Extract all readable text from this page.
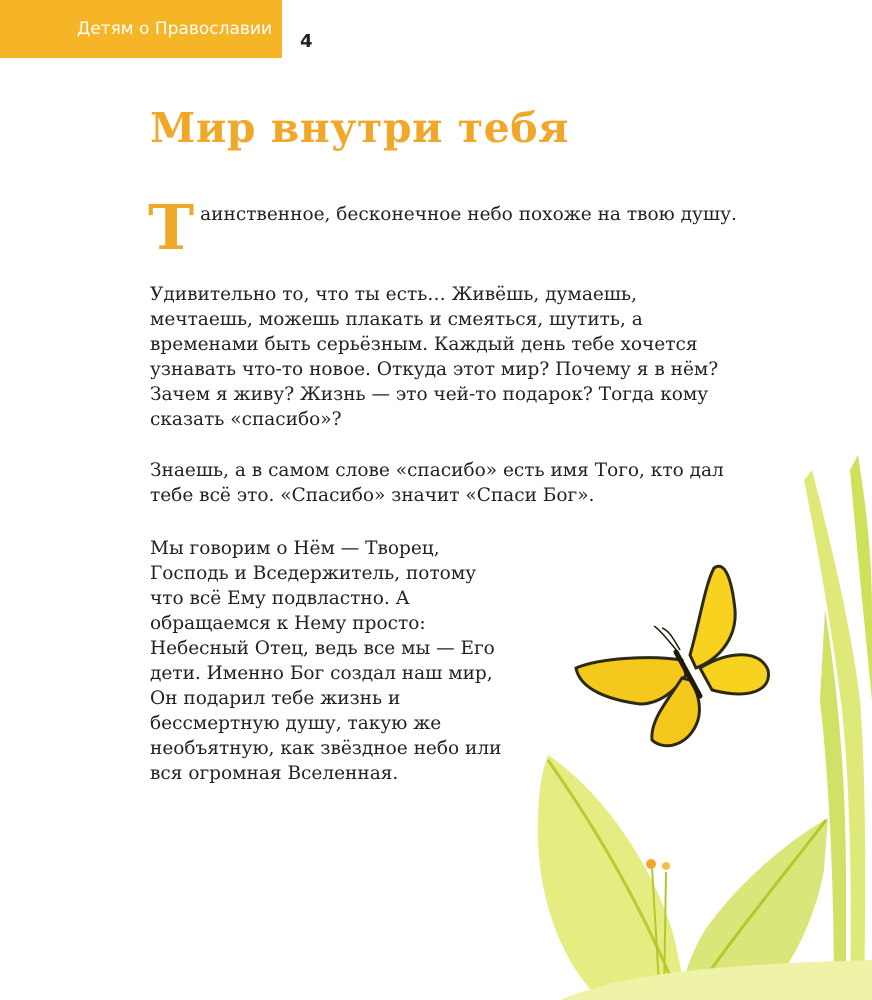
Детям о Православии
4
Мир внутри тебя

Т аинственное, бесконечное небо похоже на твою душу.

Удивительно то, что ты есть… Живёшь, думаешь, мечтаешь, можешь плакать и смеяться, шутить, а временами быть серьёзным. Каждый день тебе хочется узнавать что-то новое. Откуда этот мир? Почему я в нём? Зачем я живу? Жизнь — это чей-то подарок? Тогда кому сказать «спасибо»?

Знаешь, а в самом слове «спасибо» есть имя Того, кто дал тебе всё это. «Спасибо» значит «Спаси Бог».

Мы говорим о Нём — Творец, Господь и Вседержитель, потому что всё Ему подвластно. А обращаемся к Нему просто: Небесный Отец, ведь все мы — Его дети. Именно Бог создал наш мир, Он подарил тебе жизнь и бессмертную душу, такую же необъятную, как звёздное небо или вся огромная Вселенная.
